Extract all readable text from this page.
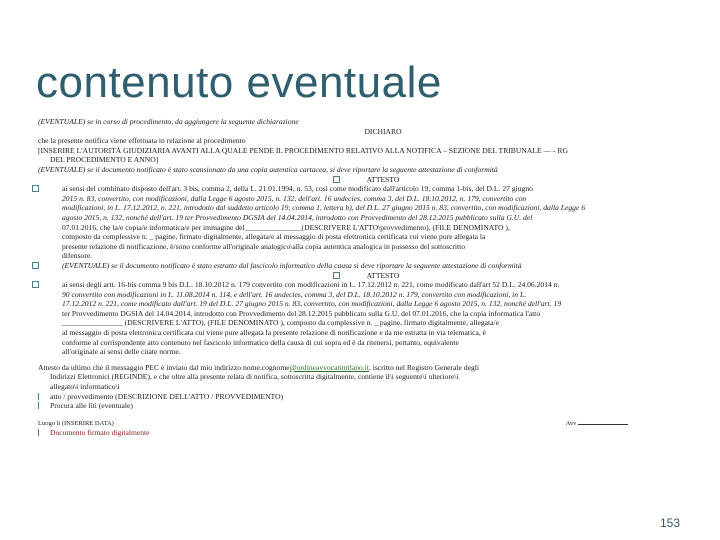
contenuto eventuale
(EVENTUALE) se in corso di procedimento, da aggiungere la seguente dichiarazione
DICHIARO
che la presente notifica viene effettuata in relazione al procedimento
[INSERIRE L'AUTORITÀ GIUDIZIARIA AVANTI ALLA QUALE PENDE IL PROCEDIMENTO RELATIVO ALLA NOTIFICA – SEZIONE DEL TRIBUNALE — - RG
DEL PROCEDIMENTO E ANNO]
(EVENTUALE) se il documento notificato è stato scansionato da una copia autentica cartacea, si deve riportare la seguente attestazione di conformità
ATTESTO
ai sensi del combinato disposto dell'art. 3 bis, comma 2, della L. 21.01.1994, n. 53, così come modificato dall'articolo 19, comma 1-bis, del D.L. 27 giugno
2015 n. 83, convertito, con modificazioni, dalla Legge 6 agosto 2015, n. 132, dell'art. 16 undecies, comma 3, del D.L. 18.10.2012, n. 179, convertito con
modificazioni, in L. 17.12.2012, n. 221, introdotto dal suddetto articolo 19, comma 1, lettera b), del D.L. 27 giugno 2015 n. 83, convertito, con modificazioni, dalla Legge 6
agosto 2015, n. 132, nonché dell'art. 19 ter Provvedimento DGSIA del 14.04.2014, introdotto con Provvedimento del 28.12.2015 pubblicato sulla G.U. del
07.01.2016, che la/e copia/e informatica/e per immagine del_______________(DESCRIVERE L'ATTO\provvedimento), (FILE DENOMINATO ),
composto da complessive n. _ pagine, firmato digitalmente, allegata/e al messaggio di posta elettronica certificata cui viene pure allegata la
presente relazione di notificazione, è/sono conforme all'originale analogico\alla copia autentica analogica in possesso del sottoscritto
difensore.
(EVENTUALE) se il documento notificato è stato estratto dal fascicolo informatico della causa si deve riportare la seguente attestazione di conformità
ATTESTO
ai sensi degli artt. 16-bis comma 9 bis D.L. 18.10.2012 n. 179 convertito con modificazioni in L. 17.12.2012 n. 221, come modificato dall'art 52 D.L. 24.06.2014 n.
90 convertito con modificazioni in L. 11.08.2014 n. 114, e dell'art. 16 undecies, comma 3, del D.L. 18.10.2012 n. 179, convertito con modificazioni, in L.
17.12.2012 n. 221, come modificato dall'art. 19 del D.L. 27 giugno 2015 n. 83, convertito, con modificazioni, dalla Legge 6 agosto 2015, n. 132, nonché dell'art. 19
ter Provvedimento DGSIA del 14.04.2014, introdotto con Provvedimento del 28.12.2015 pubblicato sulla G.U. del 07.01.2016, che la copia informatica l'atto
________________ (DESCRIVERE L'ATTO), (FILE DENOMINATO ), composto da complessive n. _ pagine, firmato digitalmente, allegata/e
al messaggio di posta elettronica certificata cui viene pure allegata la presente relazione di notificazione e da me estratta in via telematica, è
conforme al corrispondente atto contenuto nel fascicolo informatico della causa di cui sopra ed è da ritenersi, pertanto, equivalente
all'originale ai sensi delle citate norme.
Attesto da ultimo che il messaggio PEC è inviato dal mio indirizzo nome.cognome@ordineavvocatimilano.it, iscritto nel Registro Generale degli
Indirizzi Elettronici (REGINDE), e che oltre alla presente relata di notifica, sottoscritta digitalmente, contiene il\i seguente\i ulteriore\i
allegato\i informatico\i
atto / provvedimento (DESCRIZIONE DELL'ATTO / PROVVEDIMENTO)
Procura alle liti (eventuale)
Luogo li (INSERIRE DATA)	Avv
Documento firmato digitalmente
153
